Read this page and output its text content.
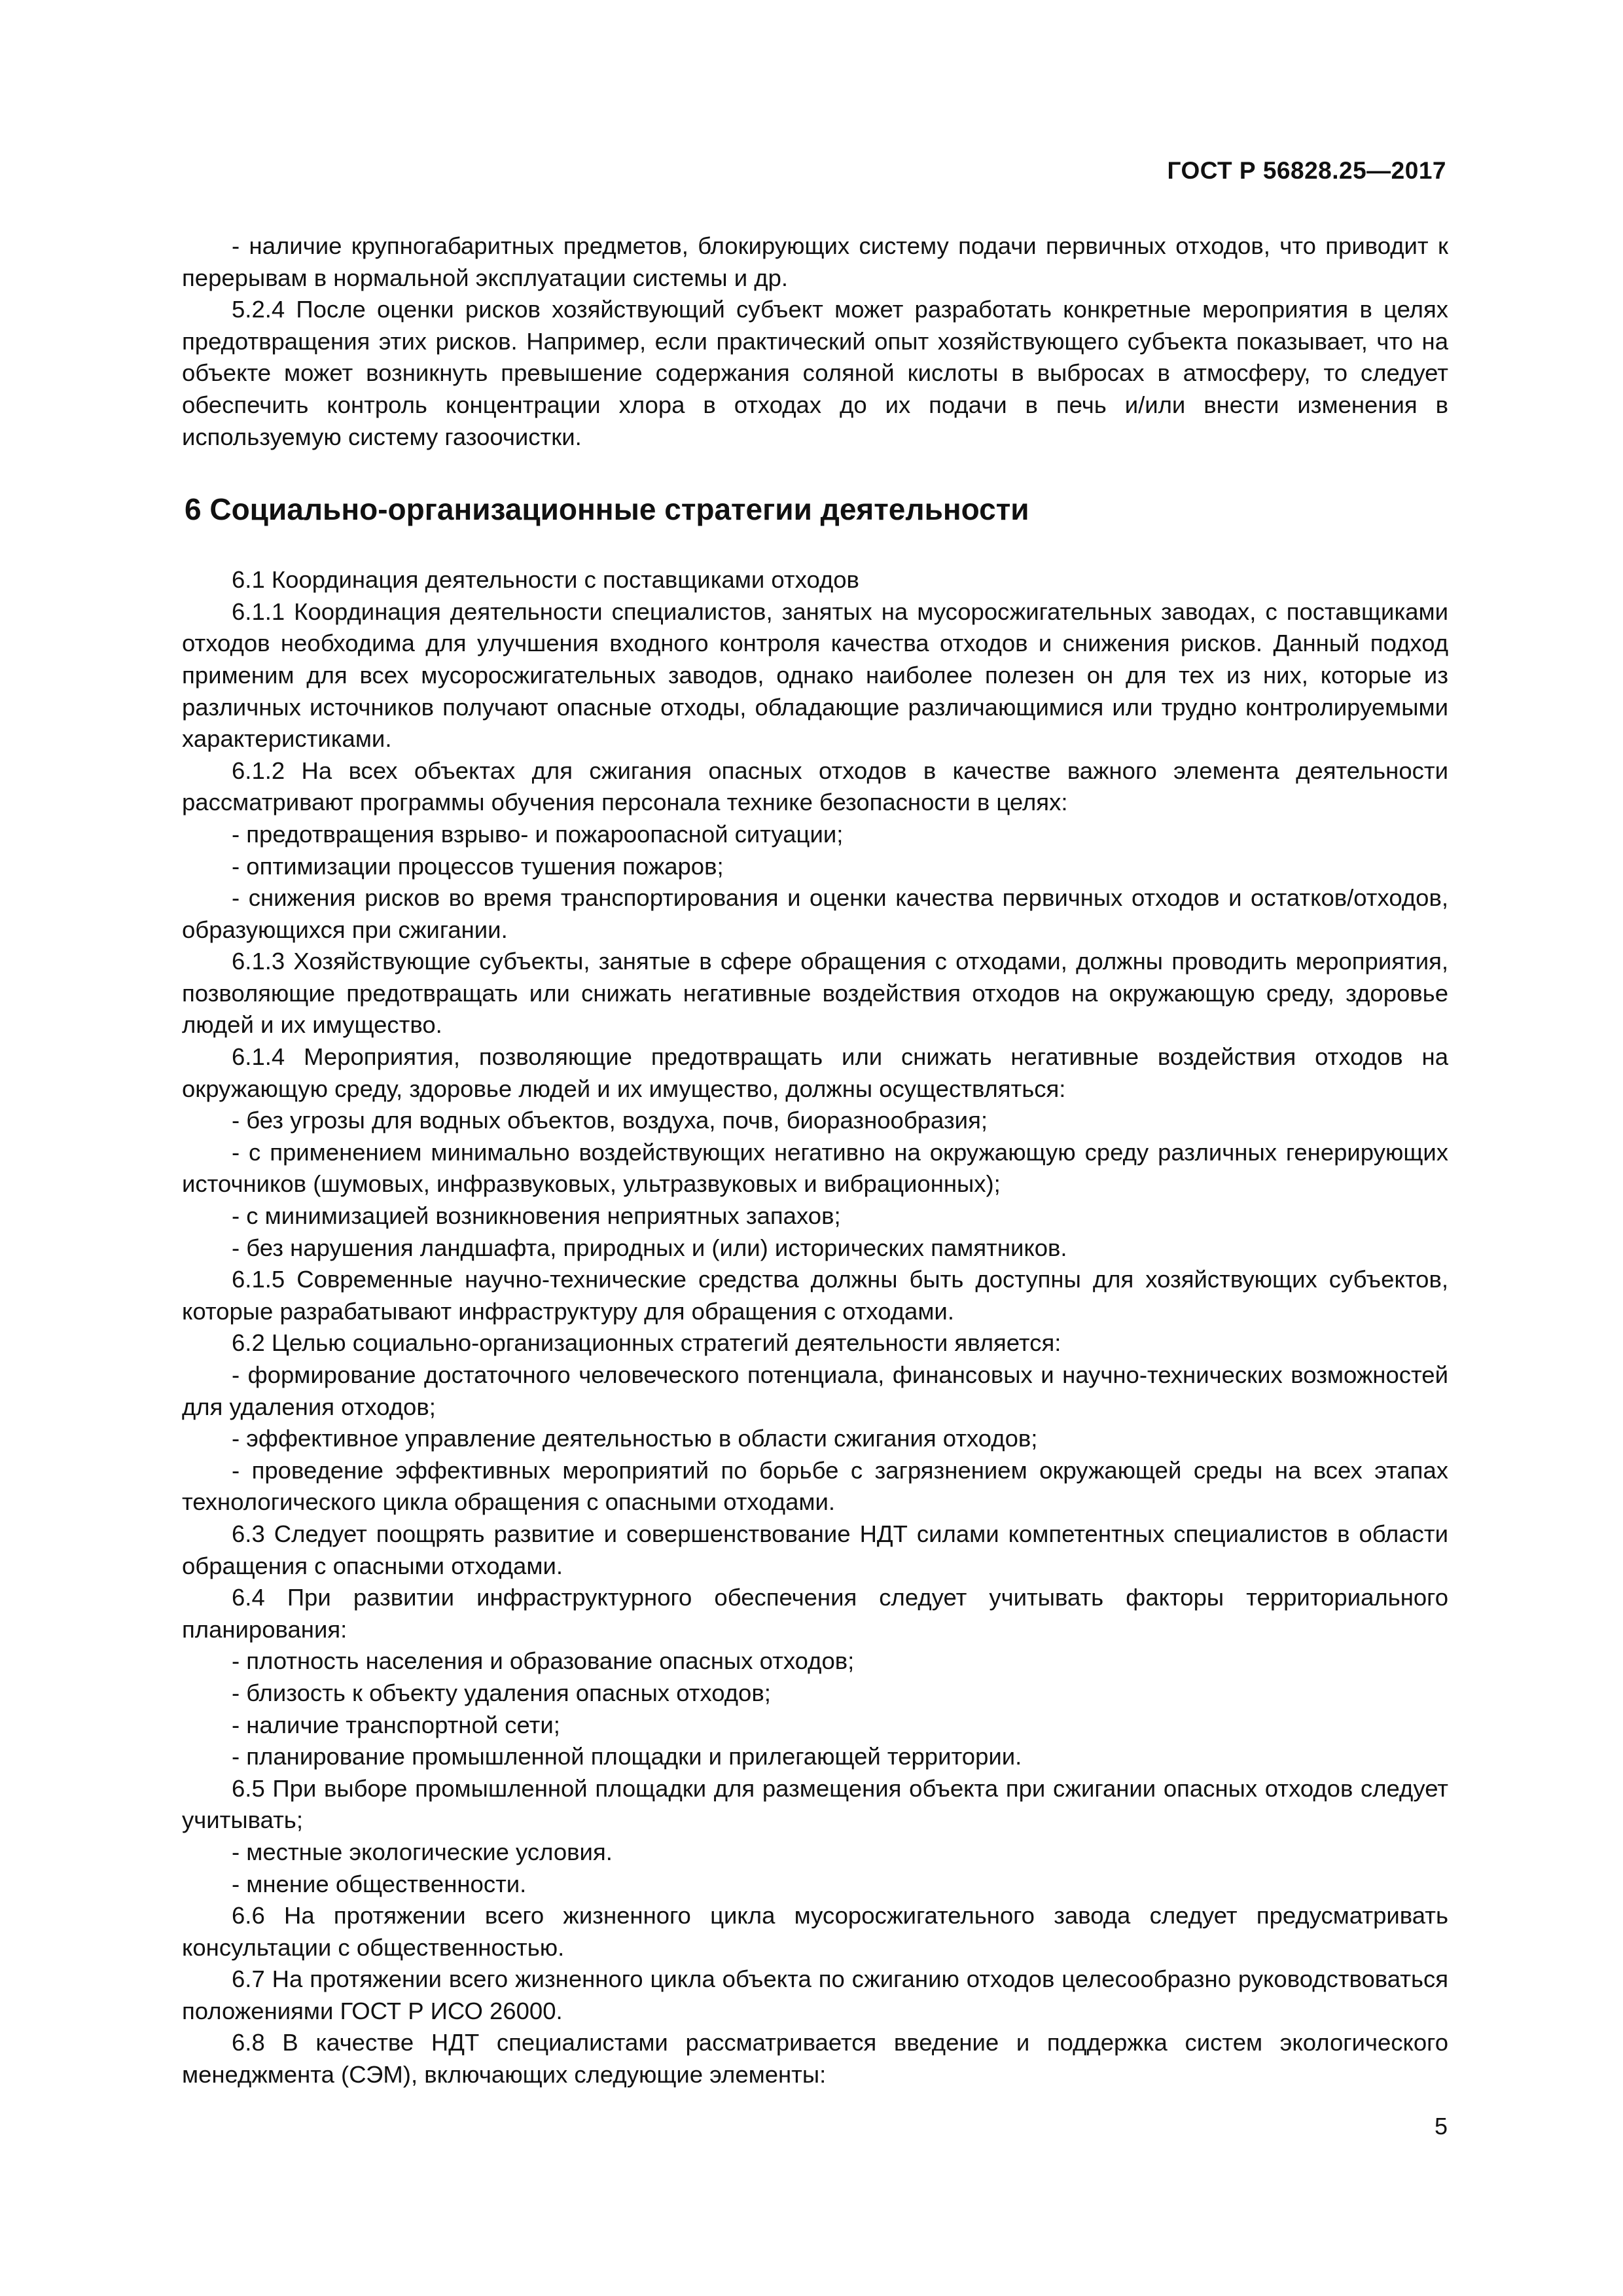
ГОСТ Р 56828.25—2017

- наличие крупногабаритных предметов, блокирующих систему подачи первичных отходов, что приводит к перерывам в нормальной эксплуатации системы и др.

5.2.4 После оценки рисков хозяйствующий субъект может разработать конкретные мероприятия в целях предотвращения этих рисков. Например, если практический опыт хозяйствующего субъекта показывает, что на объекте может возникнуть превышение содержания соляной кислоты в выбросах в атмосферу, то следует обеспечить контроль концентрации хлора в отходах до их подачи в печь и/или внести изменения в используемую систему газоочистки.

6 Социально-организационные стратегии деятельности

6.1 Координация деятельности с поставщиками отходов

6.1.1 Координация деятельности специалистов, занятых на мусоросжигательных заводах, с поставщиками отходов необходима для улучшения входного контроля качества отходов и снижения рисков. Данный подход применим для всех мусоросжигательных заводов, однако наиболее полезен он для тех из них, которые из различных источников получают опасные отходы, обладающие различающимися или трудно контролируемыми характеристиками.

6.1.2 На всех объектах для сжигания опасных отходов в качестве важного элемента деятельности рассматривают программы обучения персонала технике безопасности в целях:

- предотвращения взрыво- и пожароопасной ситуации;

- оптимизации процессов тушения пожаров;

- снижения рисков во время транспортирования и оценки качества первичных отходов и остатков/отходов, образующихся при сжигании.

6.1.3 Хозяйствующие субъекты, занятые в сфере обращения с отходами, должны проводить мероприятия, позволяющие предотвращать или снижать негативные воздействия отходов на окружающую среду, здоровье людей и их имущество.

6.1.4 Мероприятия, позволяющие предотвращать или снижать негативные воздействия отходов на окружающую среду, здоровье людей и их имущество, должны осуществляться:

- без угрозы для водных объектов, воздуха, почв, биоразнообразия;

- с применением минимально воздействующих негативно на окружающую среду различных генерирующих источников (шумовых, инфразвуковых, ультразвуковых и вибрационных);

- с минимизацией возникновения неприятных запахов;

- без нарушения ландшафта, природных и (или) исторических памятников.

6.1.5 Современные научно-технические средства должны быть доступны для хозяйствующих субъектов, которые разрабатывают инфраструктуру для обращения с отходами.

6.2 Целью социально-организационных стратегий деятельности является:

- формирование достаточного человеческого потенциала, финансовых и научно-технических возможностей для удаления отходов;

- эффективное управление деятельностью в области сжигания отходов;

- проведение эффективных мероприятий по борьбе с загрязнением окружающей среды на всех этапах технологического цикла обращения с опасными отходами.

6.3 Следует поощрять развитие и совершенствование НДТ силами компетентных специалистов в области обращения с опасными отходами.

6.4 При развитии инфраструктурного обеспечения следует учитывать факторы территориального планирования:

- плотность населения и образование опасных отходов;

- близость к объекту удаления опасных отходов;

- наличие транспортной сети;

- планирование промышленной площадки и прилегающей территории.

6.5 При выборе промышленной площадки для размещения объекта при сжигании опасных отходов следует учитывать;

- местные экологические условия.

- мнение общественности.

6.6 На протяжении всего жизненного цикла мусоросжигательного завода следует предусматривать консультации с общественностью.

6.7 На протяжении всего жизненного цикла объекта по сжиганию отходов целесообразно руководствоваться положениями ГОСТ Р ИСО 26000.

6.8 В качестве НДТ специалистами рассматривается введение и поддержка систем экологического менеджмента (СЭМ), включающих следующие элементы:

5
